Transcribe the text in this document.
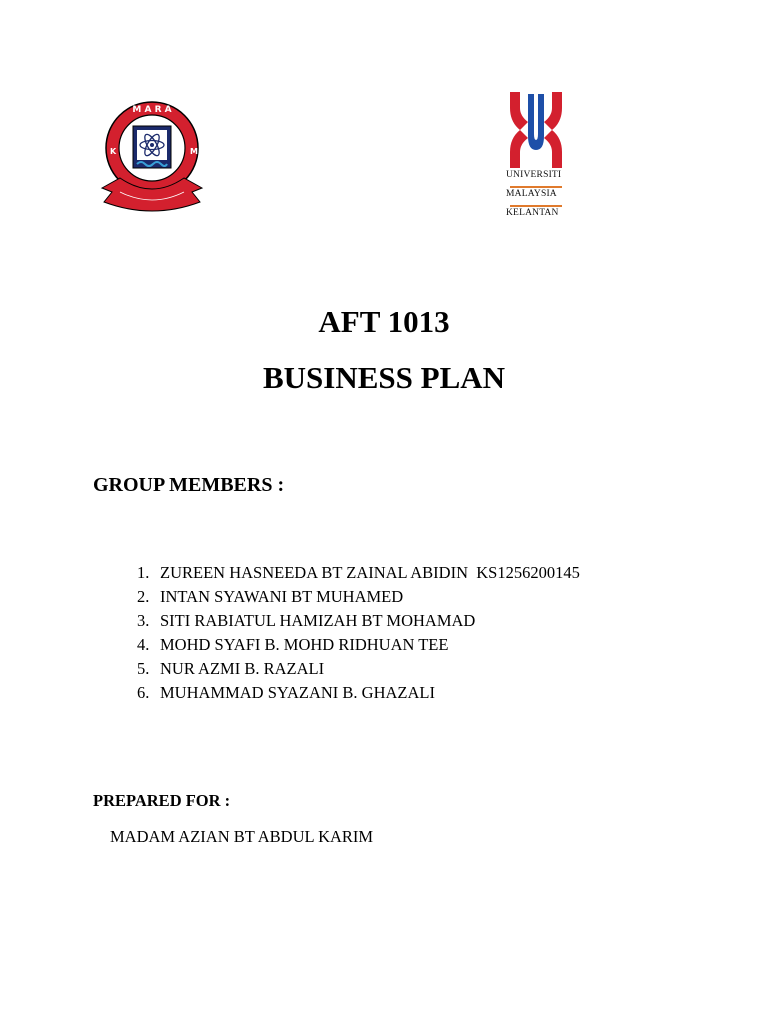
M A R A
K	M
UNIVERSITI
MALAYSIA
KELANTAN
AFT 1013
BUSINESS PLAN
GROUP MEMBERS :
1. ZUREEN HASNEEDA BT ZAINAL ABIDIN  KS1256200145
2. INTAN SYAWANI BT MUHAMED
3. SITI RABIATUL HAMIZAH BT MOHAMAD
4. MOHD SYAFI B. MOHD RIDHUAN TEE
5. NUR AZMI B. RAZALI
6. MUHAMMAD SYAZANI B. GHAZALI
PREPARED FOR :
MADAM AZIAN BT ABDUL KARIM
